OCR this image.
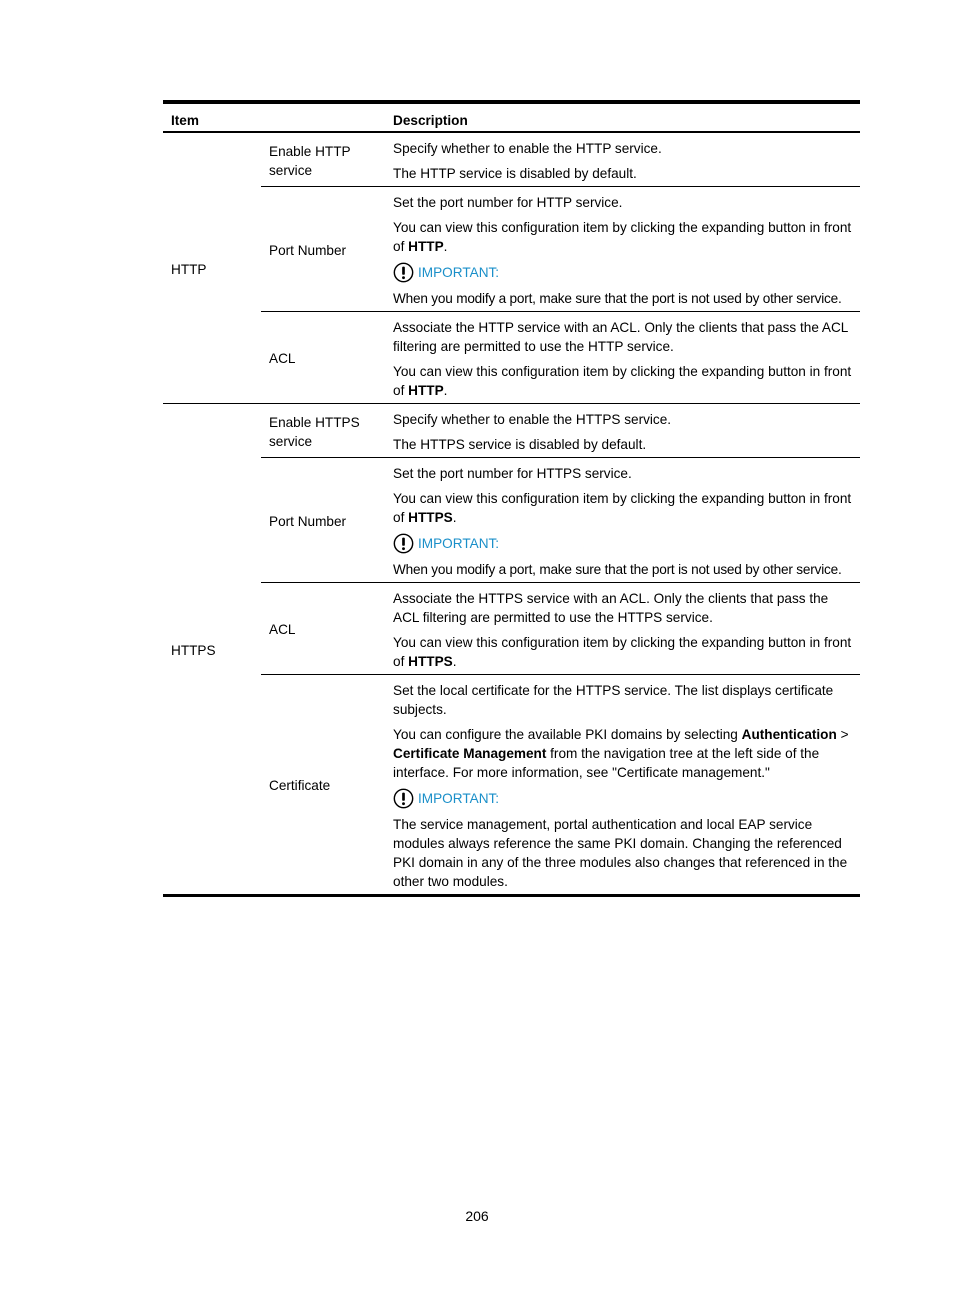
Item		Description
HTTP	Enable HTTP service	Specify whether to enable the HTTP service.

The HTTP service is disabled by default.

	Port Number	Set the port number for HTTP service.

You can view this configuration item by clicking the expanding button in front of HTTP.

IMPORTANT:

When you modify a port, make sure that the port is not used by other service.

	ACL	Associate the HTTP service with an ACL. Only the clients that pass the ACL filtering are permitted to use the HTTP service.

You can view this configuration item by clicking the expanding button in front of HTTP.

HTTPS	Enable HTTPS service	Specify whether to enable the HTTPS service.

The HTTPS service is disabled by default.

	Port Number	Set the port number for HTTPS service.

You can view this configuration item by clicking the expanding button in front of HTTPS.

IMPORTANT:

When you modify a port, make sure that the port is not used by other service.

	ACL	Associate the HTTPS service with an ACL. Only the clients that pass the ACL filtering are permitted to use the HTTPS service.

You can view this configuration item by clicking the expanding button in front of HTTPS.

	Certificate	Set the local certificate for the HTTPS service. The list displays certificate subjects.

You can configure the available PKI domains by selecting Authentication > Certificate Management from the navigation tree at the left side of the interface. For more information, see "Certificate management."

IMPORTANT:

The service management, portal authentication and local EAP service modules always reference the same PKI domain. Changing the referenced PKI domain in any of the three modules also changes that referenced in the other two modules.

206
